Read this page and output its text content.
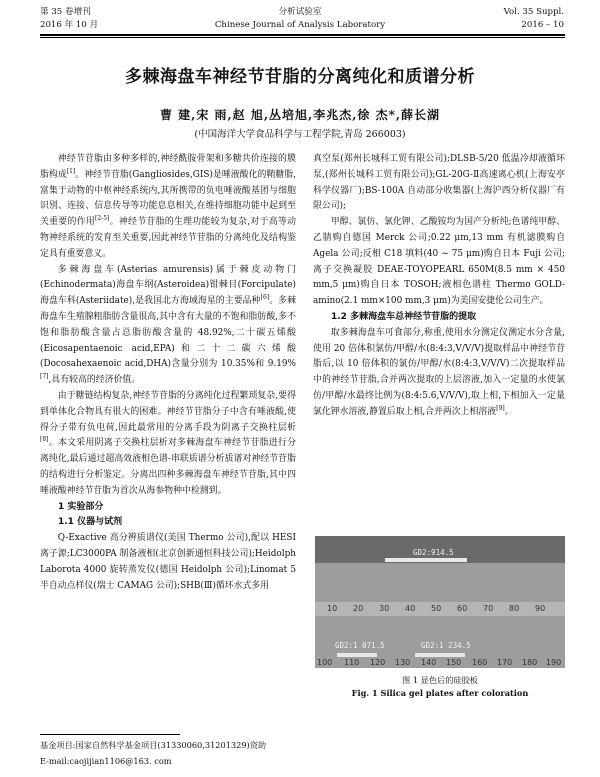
第 35 卷增刊
2016 年 10 月
分析试验室
Chinese Journal of Analysis Laboratory
Vol. 35 Suppl.
2016 – 10
多棘海盘车神经节苷脂的分离纯化和质谱分析
曹 建,宋 雨,赵 旭,丛培旭,李兆杰,徐 杰*,薛长湖
(中国海洋大学食品科学与工程学院,青岛 266003)

神经节苷脂由多种多样的,神经酰胺骨架和多糖共价连接的膜脂构成[1]。神经节苷脂(Gangliosides,GIS)是唾液酸化的鞘糖脂,富集于动物的中枢神经系统内,其所携带的负电唾液酸基团与细胞识别、连接、信息传导等功能息息相关,在维持细胞功能中起到至关重要的作用[2-5]。神经节苷脂的生理功能较为复杂,对于高等动物神经系统的发育至关重要,因此神经节苷脂的分离纯化及结构鉴定具有重要意义。

多棘海盘车(Asterias amurensis)属于棘皮动物门(Echinodermata)海盘车纲(Asteroidea)钳棘目(Forcipulate)海盘车科(Asteriidate),是我国北方海域海星的主要品种[6]。多棘海盘车生殖腺粗脂肪含量很高,其中含有大量的不饱和脂肪酸,多不饱和脂肪酸含量占总脂肪酸含量的 48.92%,二十碳五烯酸(Eicosapentaenoic acid,EPA)和二十二碳六烯酸(Docosahexaenoic acid,DHA)含量分别为 10.35%和 9.19%[7],具有较高的经济价值。

由于糖链结构复杂,神经节苷脂的分离纯化过程繁琐复杂,要得到单体化合物具有很大的困难。神经节苷脂分子中含有唾液酸,使得分子带有负电荷,因此最常用的分离手段为阴离子交换柱层析[8]。本文采用阴离子交换柱层析对多棘海盘车神经节苷脂进行分离纯化,最后通过超高效液相色谱-串联质谱分析质谱对神经节苷脂的结构进行分析鉴定。分离出四种多棘海盘车神经节苷脂,其中四唾液酸神经节苷脂为首次从海参物种中检测到。

1 实验部分

1.1 仪器与试剂

Q-Exactive 高分辨质谱仪(美国 Thermo 公司),配以 HESI 离子源;LC3000PA 制备液相(北京创新通恒科技公司);Heidolph Laborota 4000 旋转蒸发仪(德国 Heidolph 公司);Linomat 5 半自动点样仪(瑞士 CAMAG 公司);SHB(Ⅲ)循环水式多用

真空泵(郑州长城科工贸有限公司);DLSB-5/20 低温冷却液循环泵,(郑州长城科工贸有限公司);GL-20G-Ⅱ高速离心机(上海安亭科学仪器厂);BS-100A 自动部分收集器(上海沪西分析仪器厂有限公司);

甲醇、氯仿、氯化钾、乙酸铵均为国产分析纯;色谱纯甲醇、乙腈购自德国 Merck 公司;0.22 μm,13 mm 有机滤膜购自 Agela 公司;反相 C18 填料(40 ~ 75 μm)购自日本 Fuji 公司;离子交换凝胶 DEAE-TOYOPEARL 650M(8.5 mm × 450 mm,5 μm)购自日本 TOSOH;液相色谱柱 Thermo GOLD-amino(2.1 mm×100 mm,3 μm)为美国安捷伦公司生产。

1.2 多棘海盘车总神经节苷脂的提取

取多棘海盘车可食部分,称重,使用水分测定仪测定水分含量,使用 20 倍体积氯仿/甲醇/水(8:4:3,V/V/V)提取样品中神经节苷脂后,以 10 倍体积的氯仿/甲醇/水(8:4:3,V/V/V)二次提取样品中的神经节苷脂,合并两次提取的上层溶液,加入一定量的水使氯仿/甲醇/水最终比例为(8:4:5.6,V/V/V),取上相,下相加入一定量氯化钾水溶液,静置后取上相,合并两次上相溶液[9]。

GD2:914.5
10 20 30 40 50 60 70 80 90
GD2:1 071.5	GD2:1 234.5
100 110 120 130 140 150 160 170 180 190
图 1 显色后的硅胶板
Fig. 1 Silica gel plates after coloration
基金项目:国家自然科学基金项目(31330060,31201329)资助
E-mail:caojijian1106@163. com
